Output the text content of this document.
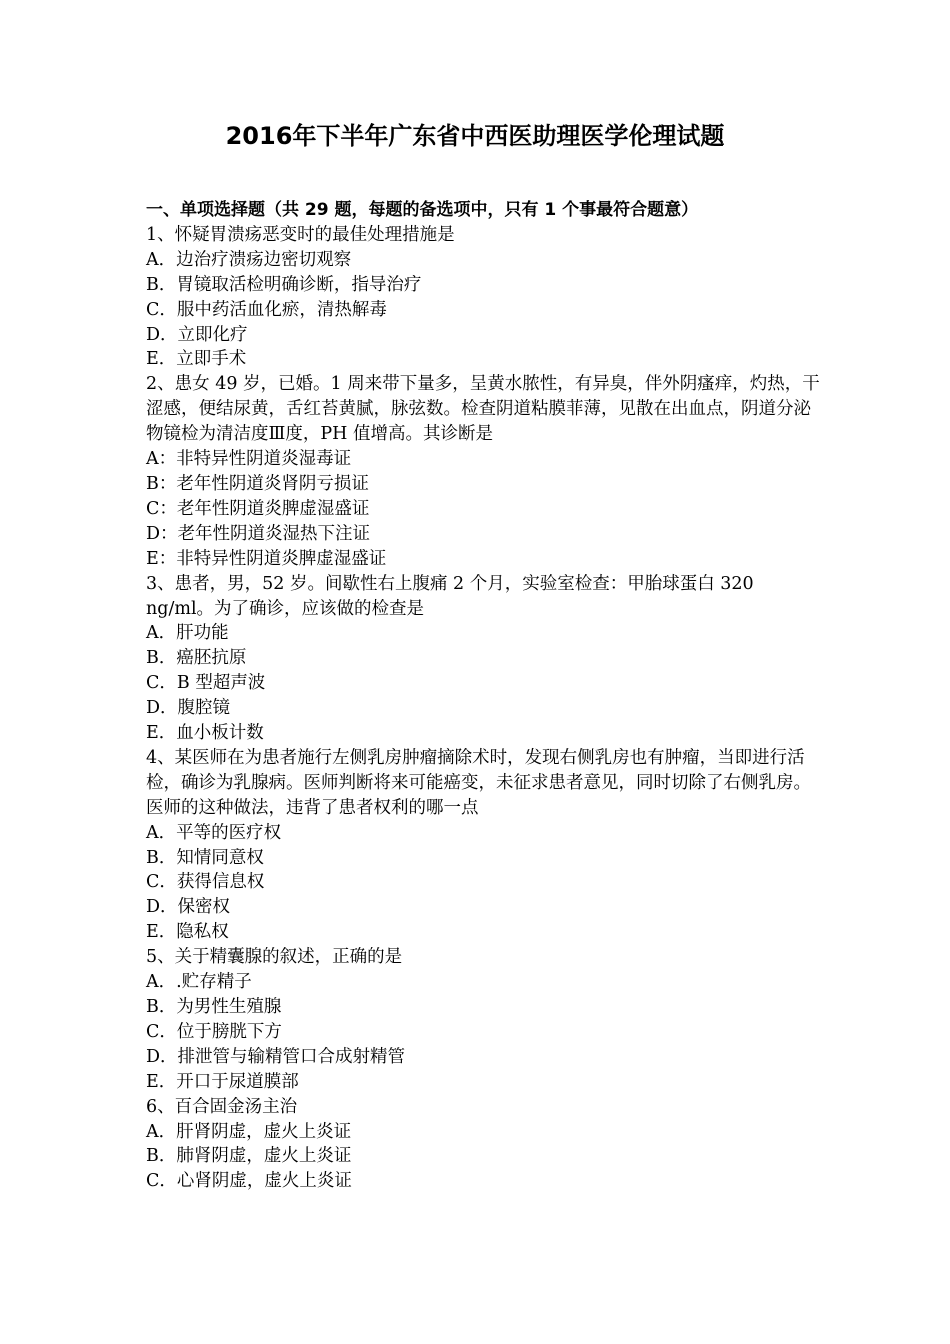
2016年下半年广东省中西医助理医学伦理试题

一、单项选择题（共 29 题，每题的备选项中，只有 1 个事最符合题意）

1、怀疑胃溃疡恶变时的最佳处理措施是

A．边治疗溃疡边密切观察

B．胃镜取活检明确诊断，指导治疗

C．服中药活血化瘀，清热解毒

D．立即化疗

E．立即手术

2、患女 49 岁，已婚。1 周来带下量多，呈黄水脓性，有异臭，伴外阴瘙痒，灼热，干涩感，便结尿黄，舌红苔黄腻，脉弦数。检查阴道粘膜菲薄，见散在出血点，阴道分泌物镜检为清洁度Ⅲ度，PH 值增高。其诊断是

A：非特异性阴道炎湿毒证

B：老年性阴道炎肾阴亏损证

C：老年性阴道炎脾虚湿盛证

D：老年性阴道炎湿热下注证

E：非特异性阴道炎脾虚湿盛证

3、患者，男，52 岁。间歇性右上腹痛 2 个月，实验室检查：甲胎球蛋白 320 ng/ml。为了确诊，应该做的检查是

A．肝功能

B．癌胚抗原

C．B 型超声波

D．腹腔镜

E．血小板计数

4、某医师在为患者施行左侧乳房肿瘤摘除术时，发现右侧乳房也有肿瘤，当即进行活检，确诊为乳腺病。医师判断将来可能癌变，未征求患者意见，同时切除了右侧乳房。医师的这种做法，违背了患者权利的哪一点

A．平等的医疗权

B．知情同意权

C．获得信息权

D．保密权

E．隐私权

5、关于精囊腺的叙述，正确的是

A．.贮存精子

B．为男性生殖腺

C．位于膀胱下方

D．排泄管与输精管口合成射精管

E．开口于尿道膜部

6、百合固金汤主治

A．肝肾阴虚，虚火上炎证

B．肺肾阴虚，虚火上炎证

C．心肾阴虚，虚火上炎证
